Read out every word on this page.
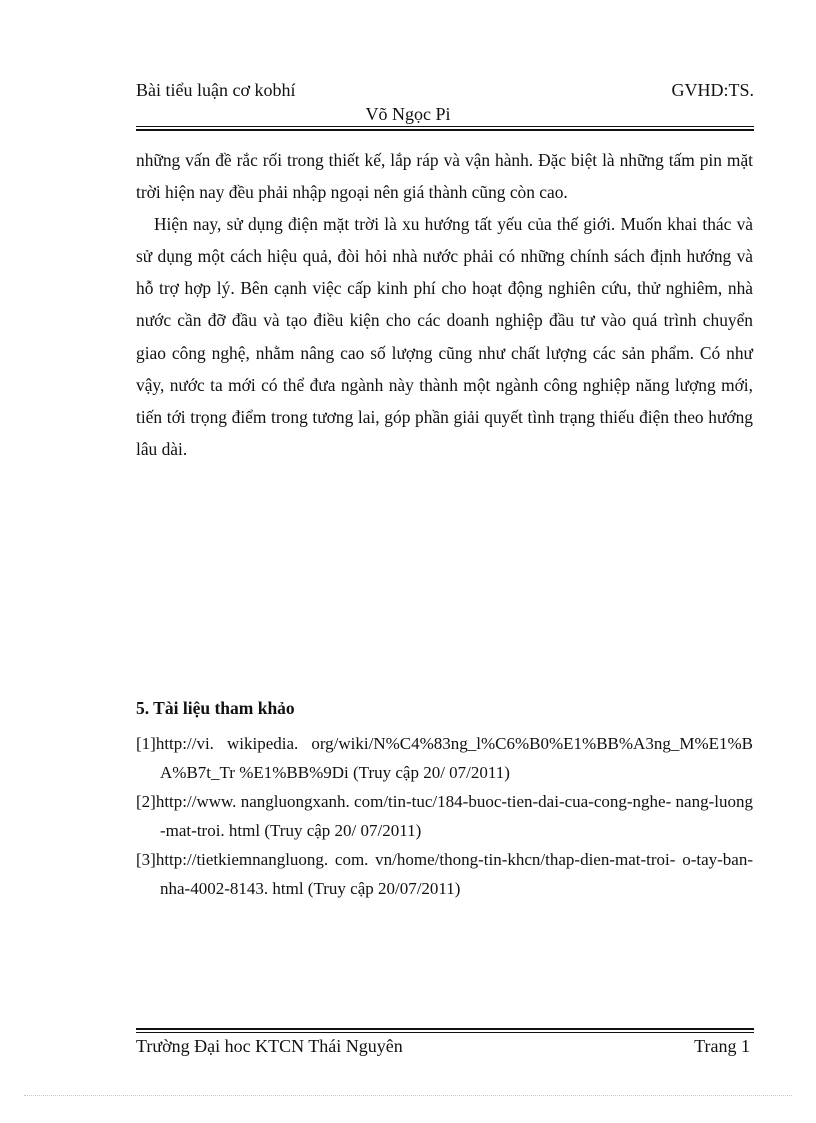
Bài tiểu luận cơ kobhí	GVHD:TS.
Võ Ngọc Pi

những vấn đề rắc rối trong thiết kế, lắp ráp và vận hành. Đặc biệt là những tấm pin mặt trời hiện nay đều phải nhập ngoại nên giá thành cũng còn cao.

Hiện nay, sử dụng điện mặt trời là xu hướng tất yếu của thế giới. Muốn khai thác và sử dụng một cách hiệu quả, đòi hỏi nhà nước phải có những chính sách định hướng và hỗ trợ hợp lý. Bên cạnh việc cấp kinh phí cho hoạt động nghiên cứu, thử nghiêm, nhà nước cần đỡ đầu và tạo điều kiện cho các doanh nghiệp đầu tư vào quá trình chuyển giao công nghệ, nhằm nâng cao số lượng cũng như chất lượng các sản phẩm. Có như vậy, nước ta mới có thể đưa ngành này thành một ngành công nghiệp năng lượng mới, tiến tới trọng điểm trong tương lai, góp phần giải quyết tình trạng thiếu điện theo hướng lâu dài.

5. Tài liệu tham khảo

[1]http://vi. wikipedia. org/wiki/N%C4%83ng_l%C6%B0%E1%BB%A3ng_M%E1%BA%B7t_Tr %E1%BB%9Di (Truy cập 20/ 07/2011)

[2]http://www. nangluongxanh. com/tin-tuc/184-buoc-tien-dai-cua-cong-nghe- nang-luong-mat-troi. html (Truy cập 20/ 07/2011)

[3]http://tietkiemnangluong. com. vn/home/thong-tin-khcn/thap-dien-mat-troi- o-tay-ban-nha-4002-8143. html (Truy cập 20/07/2011)

Trường Đại hoc KTCN Thái Nguyên	Trang 1
